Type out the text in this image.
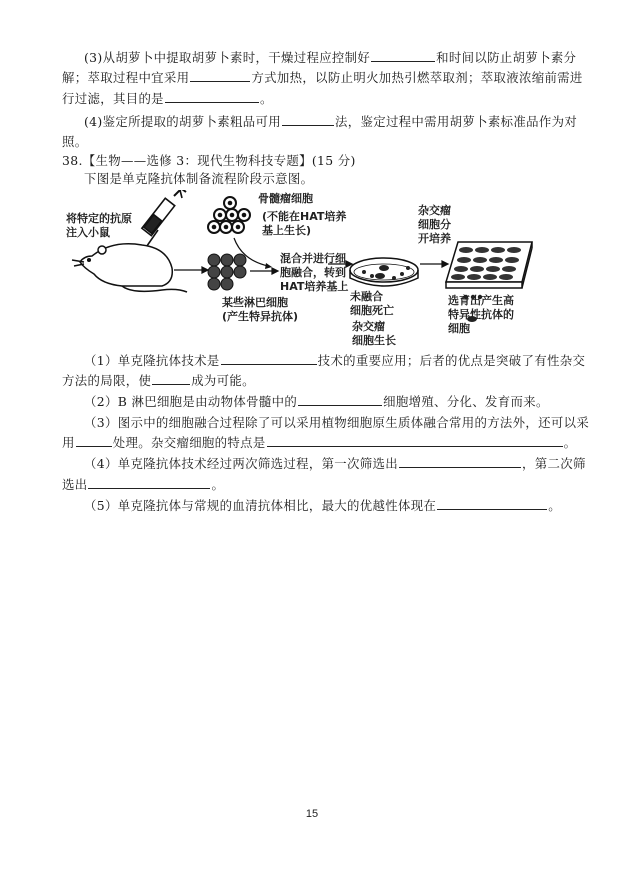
(3)从胡萝卜中提取胡萝卜素时，干燥过程应控制好	和时间以防止胡萝卜素分
解；萃取过程中宜采用	方式加热，以防止明火加热引燃萃取剂；萃取液浓缩前需进
行过滤，其目的是	。
(4)鉴定所提取的胡萝卜素粗品可用	法，鉴定过程中需用胡萝卜素标准品作为对
照。
38.【生物——选修 3：现代生物科技专题】(15 分)
下图是单克隆抗体制备流程阶段示意图。
将特定的抗原
注入小鼠
骨髓瘤细胞
(不能在HAT培养
基上生长)
某些淋巴细胞
(产生特异抗体)
混合并进行细
胞融合，转到
HAT培养基上
杂交瘤
细胞分
开培养
未融合
细胞死亡
杂交瘤
细胞生长
选育出产生高
特异性抗体的
细胞
（1）单克隆抗体技术是	技术的重要应用；后者的优点是突破了有性杂交
方法的局限，使	成为可能。
（2）B 淋巴细胞是由动物体骨髓中的	细胞增殖、分化、发育而来。
（3）图示中的细胞融合过程除了可以采用植物细胞原生质体融合常用的方法外，还可以采
用	处理。杂交瘤细胞的特点是	。
（4）单克隆抗体技术经过两次筛选过程，第一次筛选出	，第二次筛
选出	。
（5）单克隆抗体与常规的血清抗体相比，最大的优越性体现在	。
15
